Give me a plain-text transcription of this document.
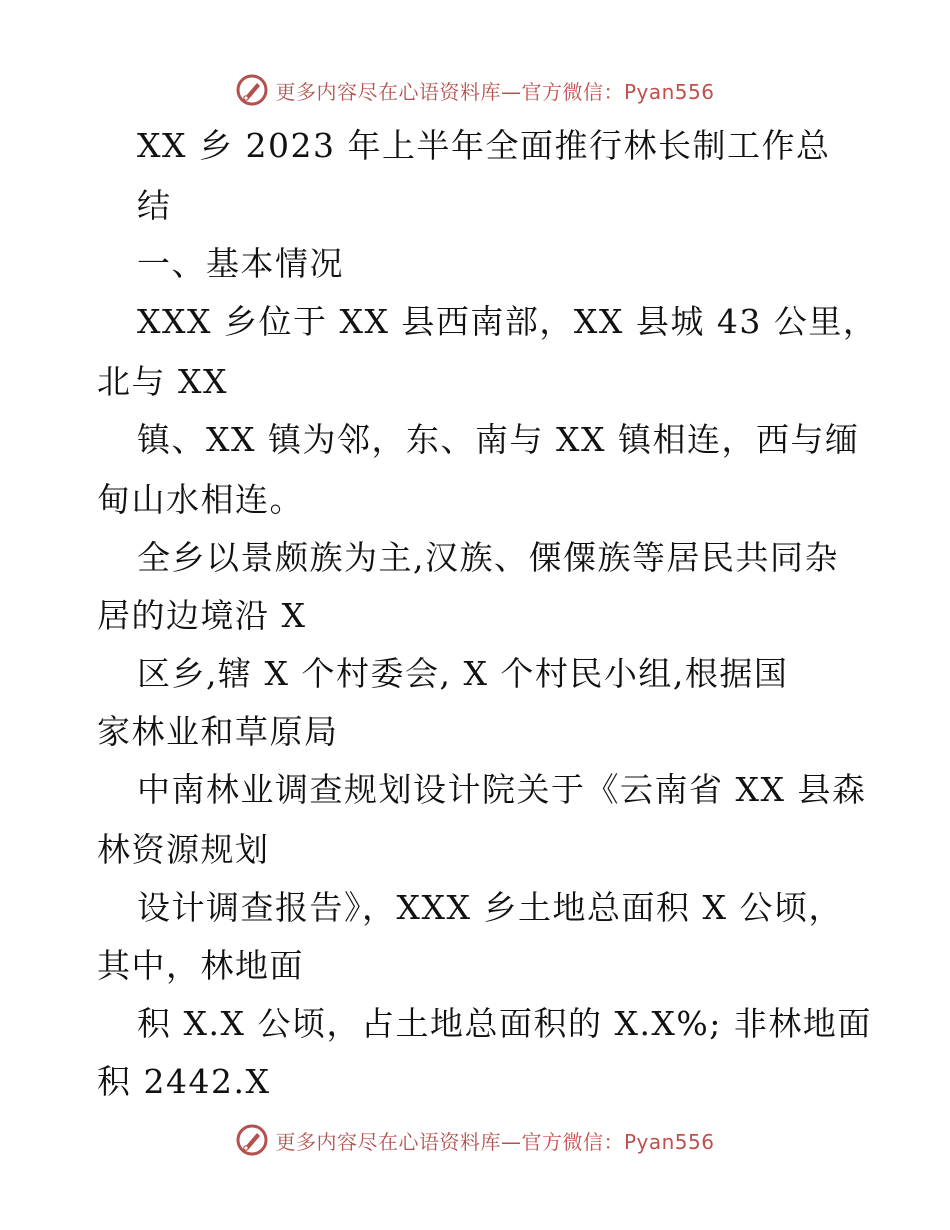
更多内容尽在心语资料库—官方微信：Pyan556
XX 乡 2023 年上半年全面推行林长制工作总
结
一、基本情况
XXX 乡位于 XX 县西南部，XX 县城 43 公里，
北与 XX
镇、XX 镇为邻，东、南与 XX 镇相连，西与缅
甸山水相连。
全乡以景颇族为主,汉族、傈僳族等居民共同杂
居的边境沿 X
区乡,辖 X 个村委会, X 个村民小组,根据国
家林业和草原局
中南林业调查规划设计院关于《云南省 XX 县森
林资源规划
设计调查报告》，XXX 乡土地总面积 X 公顷，
其中，林地面
积 X.X 公顷，占土地总面积的 X.X%; 非林地面
积 2442.X
更多内容尽在心语资料库—官方微信：Pyan556
